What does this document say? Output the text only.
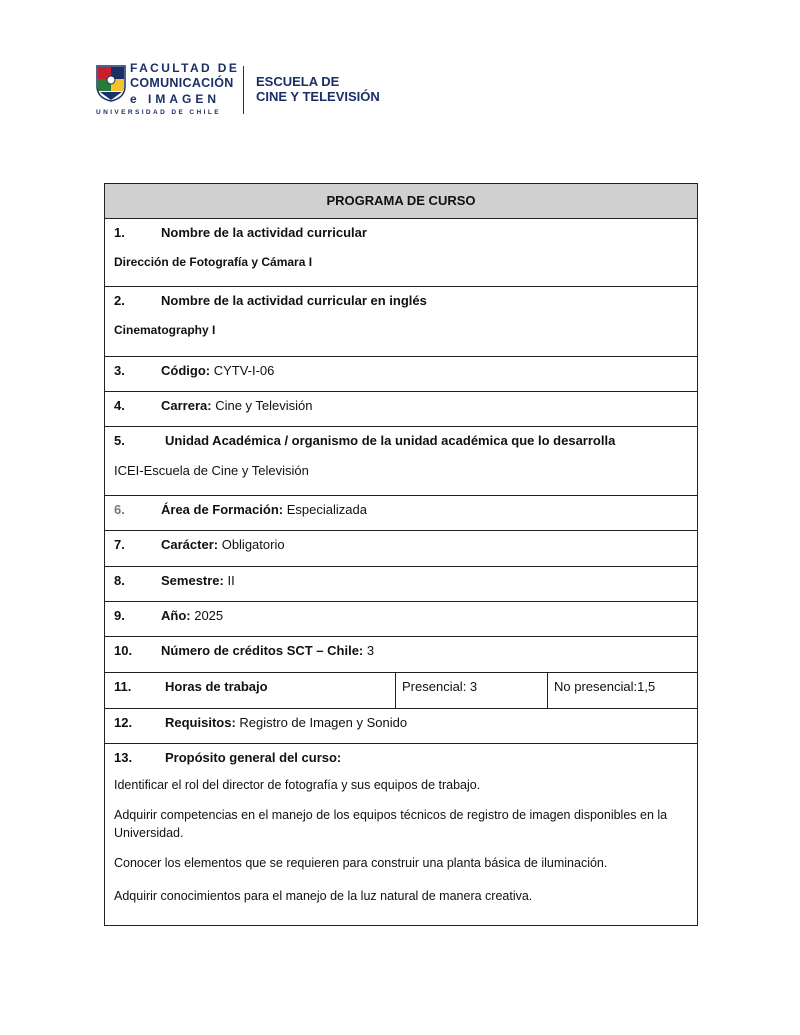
FACULTAD DE
COMUNICACIÓN
e IMAGEN
UNIVERSIDAD DE CHILE
ESCUELA DE
CINE Y TELEVISIÓN
PROGRAMA DE CURSO
1.	Nombre de la actividad curricular
Dirección de Fotografía y Cámara I
2.	Nombre de la actividad curricular en inglés
Cinematography I
3.	Código: CYTV-I-06
4.	Carrera: Cine y Televisión
5.	Unidad Académica / organismo de la unidad académica que lo desarrolla
ICEI-Escuela de Cine y Televisión
6.	Área de Formación: Especializada
7.	Carácter: Obligatorio
8.	Semestre: II
9.	Año: 2025
10. Número de créditos SCT – Chile: 3
11.	Horas de trabajo	Presencial: 3	No presencial:1,5
12.	Requisitos: Registro de Imagen y Sonido
13.	Propósito general del curso:
Identificar el rol del director de fotografía y sus equipos de trabajo.
Adquirir competencias en el manejo de los equipos técnicos de registro de imagen disponibles en la Universidad.
Conocer los elementos que se requieren para construir una planta básica de iluminación.
Adquirir conocimientos para el manejo de la luz natural de manera creativa.
